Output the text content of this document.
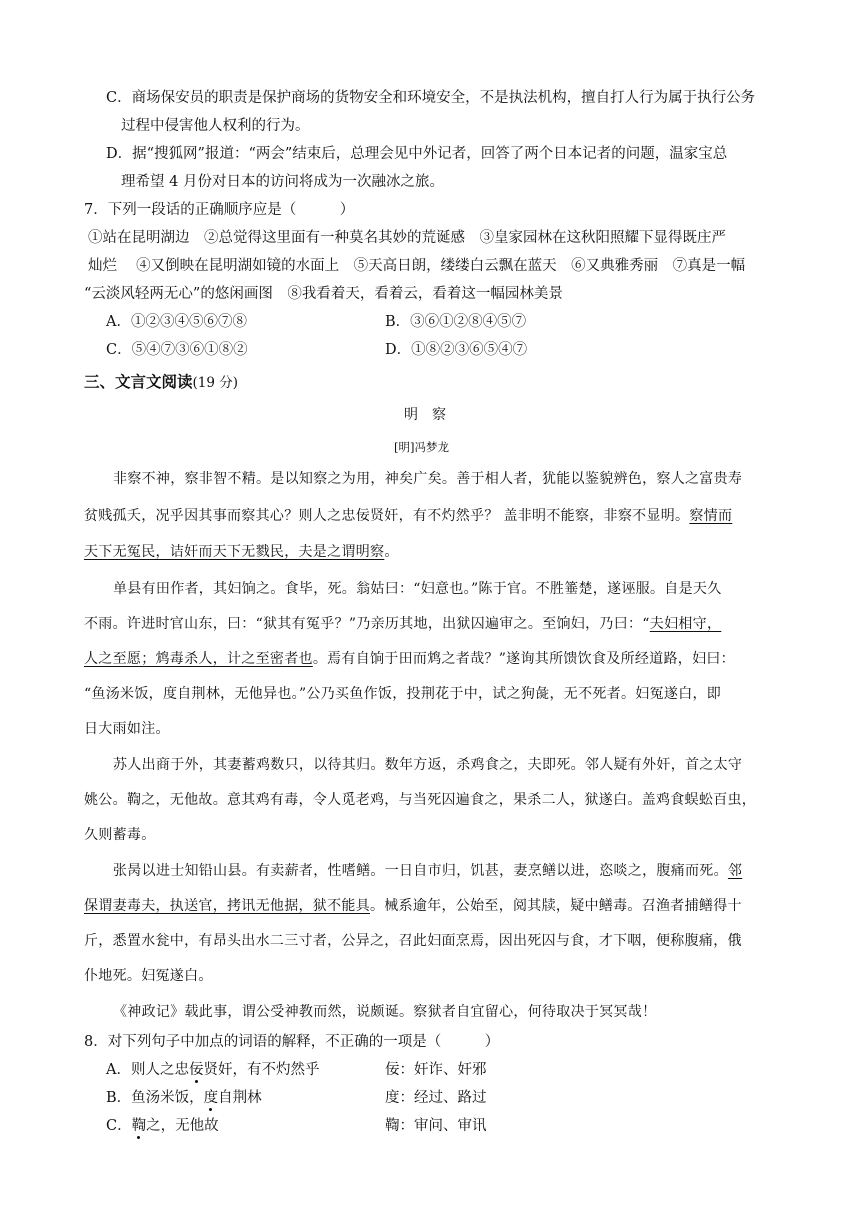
C．商场保安员的职责是保护商场的货物安全和环境安全，不是执法机构，擅自打人行为属于执行公务
过程中侵害他人权利的行为。
D．据“搜狐网”报道：“两会”结束后，总理会见中外记者，回答了两个日本记者的问题，温家宝总
理希望 4 月份对日本的访问将成为一次融冰之旅。
7．下列一段话的正确顺序应是（　　　）
①站在昆明湖边　②总觉得这里面有一种莫名其妙的荒诞感　③皇家园林在这秋阳照耀下显得既庄严
灿烂　 ④又倒映在昆明湖如镜的水面上　⑤天高日朗，缕缕白云飘在蓝天　⑥又典雅秀丽　⑦真是一幅
“云淡风轻两无心”的悠闲画图　⑧我看着天，看着云，看着这一幅园林美景
A．①②③④⑤⑥⑦⑧	B．③⑥①②⑧④⑤⑦
C．⑤④⑦③⑥①⑧②	D．①⑧②③⑥⑤④⑦
三、文言文阅读(19 分)
明　察
[明]冯梦龙
非察不神，察非智不精。是以知察之为用，神矣广矣。善于相人者，犹能以鉴貌辨色，察人之富贵寿
贫贱孤夭，况乎因其事而察其心？则人之忠佞贤奸，有不灼然乎？ 盖非明不能察，非察不显明。察情而
天下无冤民，诘奸而天下无戮民，夫是之谓明察。
单县有田作者，其妇饷之。食毕，死。翁姑曰：“妇意也。”陈于官。不胜箠楚，遂诬服。自是天久
不雨。许进时官山东，曰：“狱其有冤乎？”乃亲历其地，出狱囚遍审之。至饷妇，乃曰：“夫妇相守，
人之至愿；鸩毒杀人，计之至密者也。焉有自饷于田而鸩之者哉？”遂询其所馈饮食及所经道路，妇曰：
“鱼汤米饭，度自荆林，无他异也。”公乃买鱼作饭，投荆花于中，试之狗彘，无不死者。妇冤遂白，即
日大雨如注。
苏人出商于外，其妻蓄鸡数只，以待其归。数年方返，杀鸡食之，夫即死。邻人疑有外奸，首之太守
姚公。鞫之，无他故。意其鸡有毒，令人觅老鸡，与当死囚遍食之，果杀二人，狱遂白。盖鸡食蜈蚣百虫，
久则蓄毒。
张昺以进士知铅山县。有卖薪者，性嗜鳝。一日自市归，饥甚，妻烹鳝以进，恣啖之，腹痛而死。邻
保谓妻毒夫，执送官，拷讯无他据，狱不能具。械系逾年，公始至，阅其牍，疑中鳝毒。召渔者捕鳝得十
斤，悉置水瓮中，有昂头出水二三寸者，公异之，召此妇面烹焉，因出死囚与食，才下咽，便称腹痛，俄
仆地死。妇冤遂白。
《神政记》载此事，谓公受神教而然，说颇诞。察狱者自宜留心，何待取决于冥冥哉！
8．对下列句子中加点的词语的解释，不正确的一项是（　　　）
A．则人之忠佞贤奸，有不灼然乎	佞：奸诈、奸邪
B．鱼汤米饭，度自荆林	度：经过、路过
C．鞫之，无他故	鞫：审问、审讯
